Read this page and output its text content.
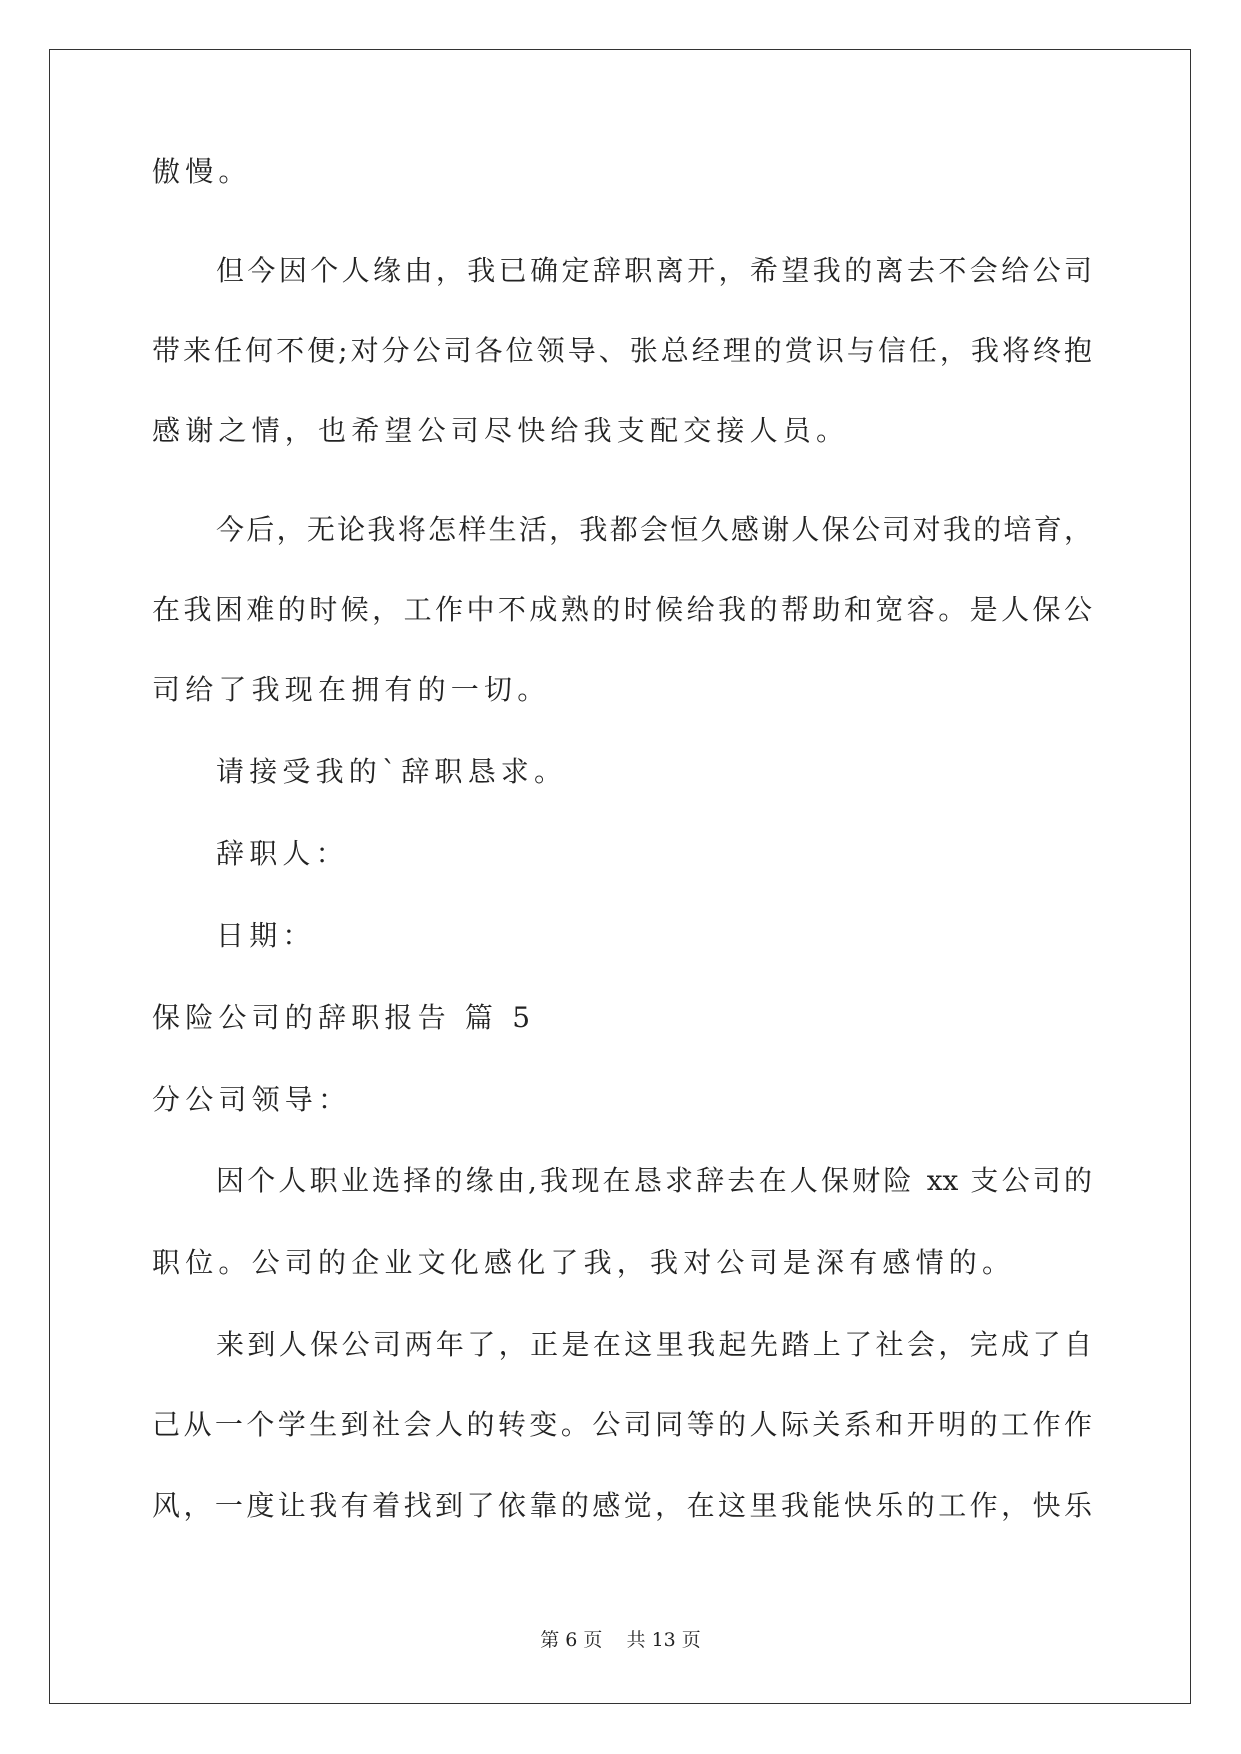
傲慢。
但今因个人缘由，我已确定辞职离开，希望我的离去不会给公司
带来任何不便;对分公司各位领导、张总经理的赏识与信任，我将终抱
感谢之情，也希望公司尽快给我支配交接人员。
今后，无论我将怎样生活，我都会恒久感谢人保公司对我的培育，
在我困难的时候，工作中不成熟的时候给我的帮助和宽容。是人保公
司给了我现在拥有的一切。
请接受我的`辞职恳求。
辞职人：
日期：
保险公司的辞职报告 篇 5
分公司领导：
因个人职业选择的缘由,我现在恳求辞去在人保财险 xx 支公司的
职位。公司的企业文化感化了我，我对公司是深有感情的。
来到人保公司两年了，正是在这里我起先踏上了社会，完成了自
己从一个学生到社会人的转变。公司同等的人际关系和开明的工作作
风，一度让我有着找到了依靠的感觉，在这里我能快乐的工作，快乐
第 6 页 共 13 页
